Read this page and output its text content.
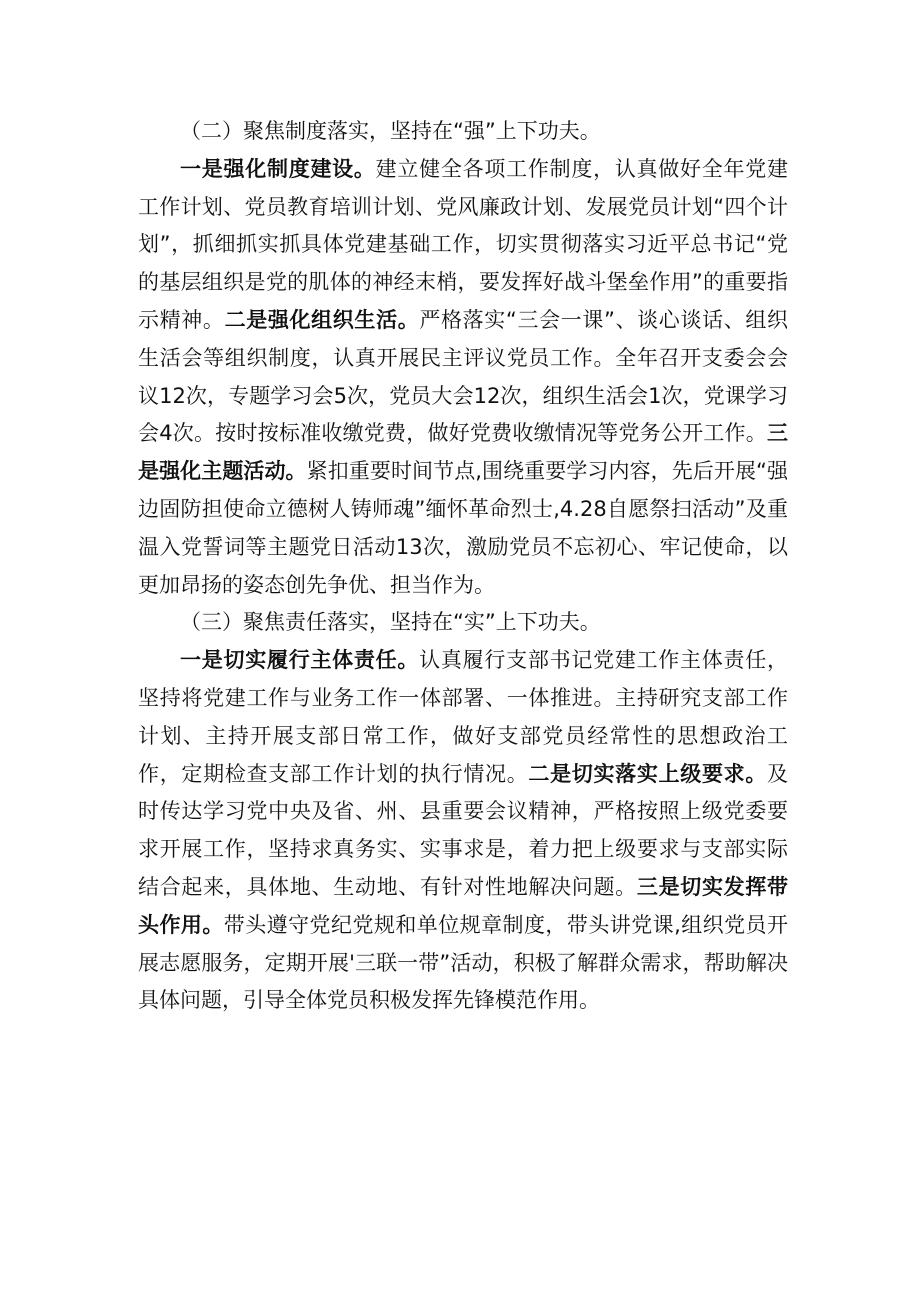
（二）聚焦制度落实，坚持在“强”上下功夫。

一是强化制度建设。建立健全各项工作制度，认真做好全年党建工作计划、党员教育培训计划、党风廉政计划、发展党员计划“四个计划”，抓细抓实抓具体党建基础工作，切实贯彻落实习近平总书记“党的基层组织是党的肌体的神经末梢，要发挥好战斗堡垒作用”的重要指示精神。二是强化组织生活。严格落实“三会一课”、谈心谈话、组织生活会等组织制度，认真开展民主评议党员工作。全年召开支委会会议12次，专题学习会5次，党员大会12次，组织生活会1次，党课学习会4次。按时按标准收缴党费，做好党费收缴情况等党务公开工作。三是强化主题活动。紧扣重要时间节点,围绕重要学习内容，先后开展“强边固防担使命立德树人铸师魂”缅怀革命烈士,4.28自愿祭扫活动”及重温入党誓词等主题党日活动13次，激励党员不忘初心、牢记使命，以更加昂扬的姿态创先争优、担当作为。

（三）聚焦责任落实，坚持在“实”上下功夫。

一是切实履行主体责任。认真履行支部书记党建工作主体责任，坚持将党建工作与业务工作一体部署、一体推进。主持研究支部工作计划、主持开展支部日常工作，做好支部党员经常性的思想政治工作，定期检查支部工作计划的执行情况。二是切实落实上级要求。及时传达学习党中央及省、州、县重要会议精神，严格按照上级党委要求开展工作，坚持求真务实、实事求是，着力把上级要求与支部实际结合起来，具体地、生动地、有针对性地解决问题。三是切实发挥带头作用。带头遵守党纪党规和单位规章制度，带头讲党课,组织党员开展志愿服务，定期开展'三联一带”活动，积极了解群众需求，帮助解决具体问题，引导全体党员积极发挥先锋模范作用。
